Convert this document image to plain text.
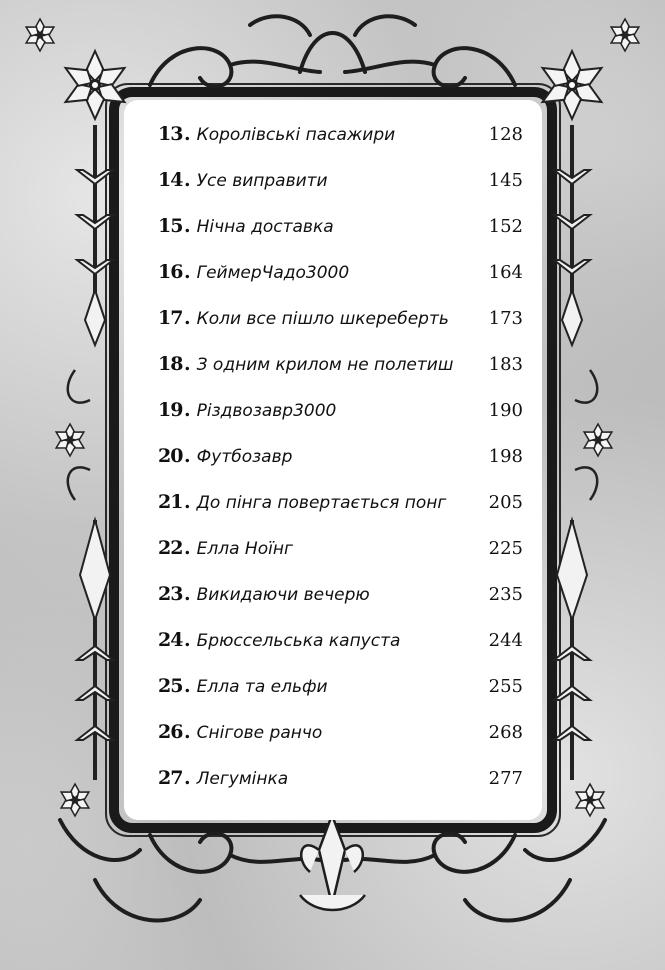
13 . Королівські пасажири	128
14 . Усе виправити	145
15 . Нічна доставка	152
16 . ГеймерЧадо3000	164
17 . Коли все пішло шкереберть	173
18 . З одним крилом не полетиш	183
19 . Різдвозавр3000	190
20 . Футбозавр	198
21 . До пінга повертається понг	205
22 . Елла Ноїнг	225
23 . Викидаючи вечерю	235
24 . Брюссельська капуста	244
25 . Елла та ельфи	255
26 . Снігове ранчо	268
27 . Легумінка	277
